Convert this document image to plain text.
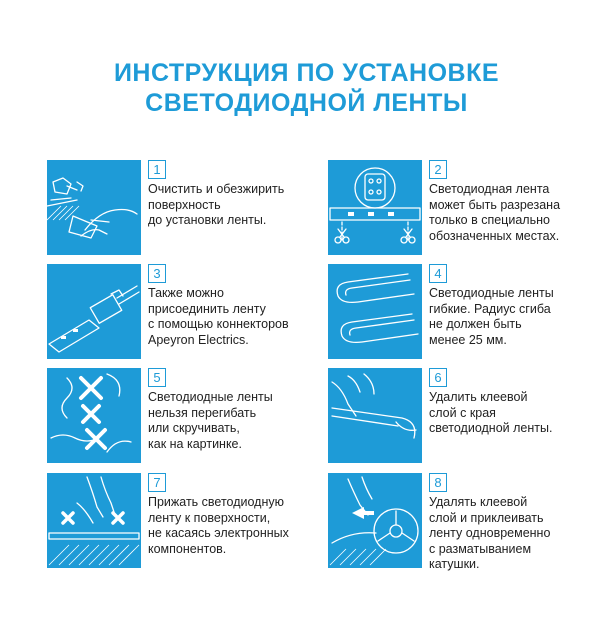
ИНСТРУКЦИЯ ПО УСТАНОВКЕ
СВЕТОДИОДНОЙ ЛЕНТЫ
1
Очистить и обезжирить
поверхность
до установки ленты.
2
Светодиодная лента
может быть разрезана
только в специально
обозначенных местах.
3
Также можно
присоединить ленту
с помощью коннекторов
Apeyron Electrics.
4
Светодиодные ленты
гибкие. Радиус сгиба
не должен быть
менее 25 мм.
5
Светодиодные ленты
нельзя перегибать
или скручивать,
как на картинке.
6
Удалить клеевой
слой с края
светодиодной ленты.
7
Прижать светодиодную
ленту к поверхности,
не касаясь электронных
компонентов.
8
Удалять клеевой
слой и приклеивать
ленту одновременно
с разматыванием
катушки.
